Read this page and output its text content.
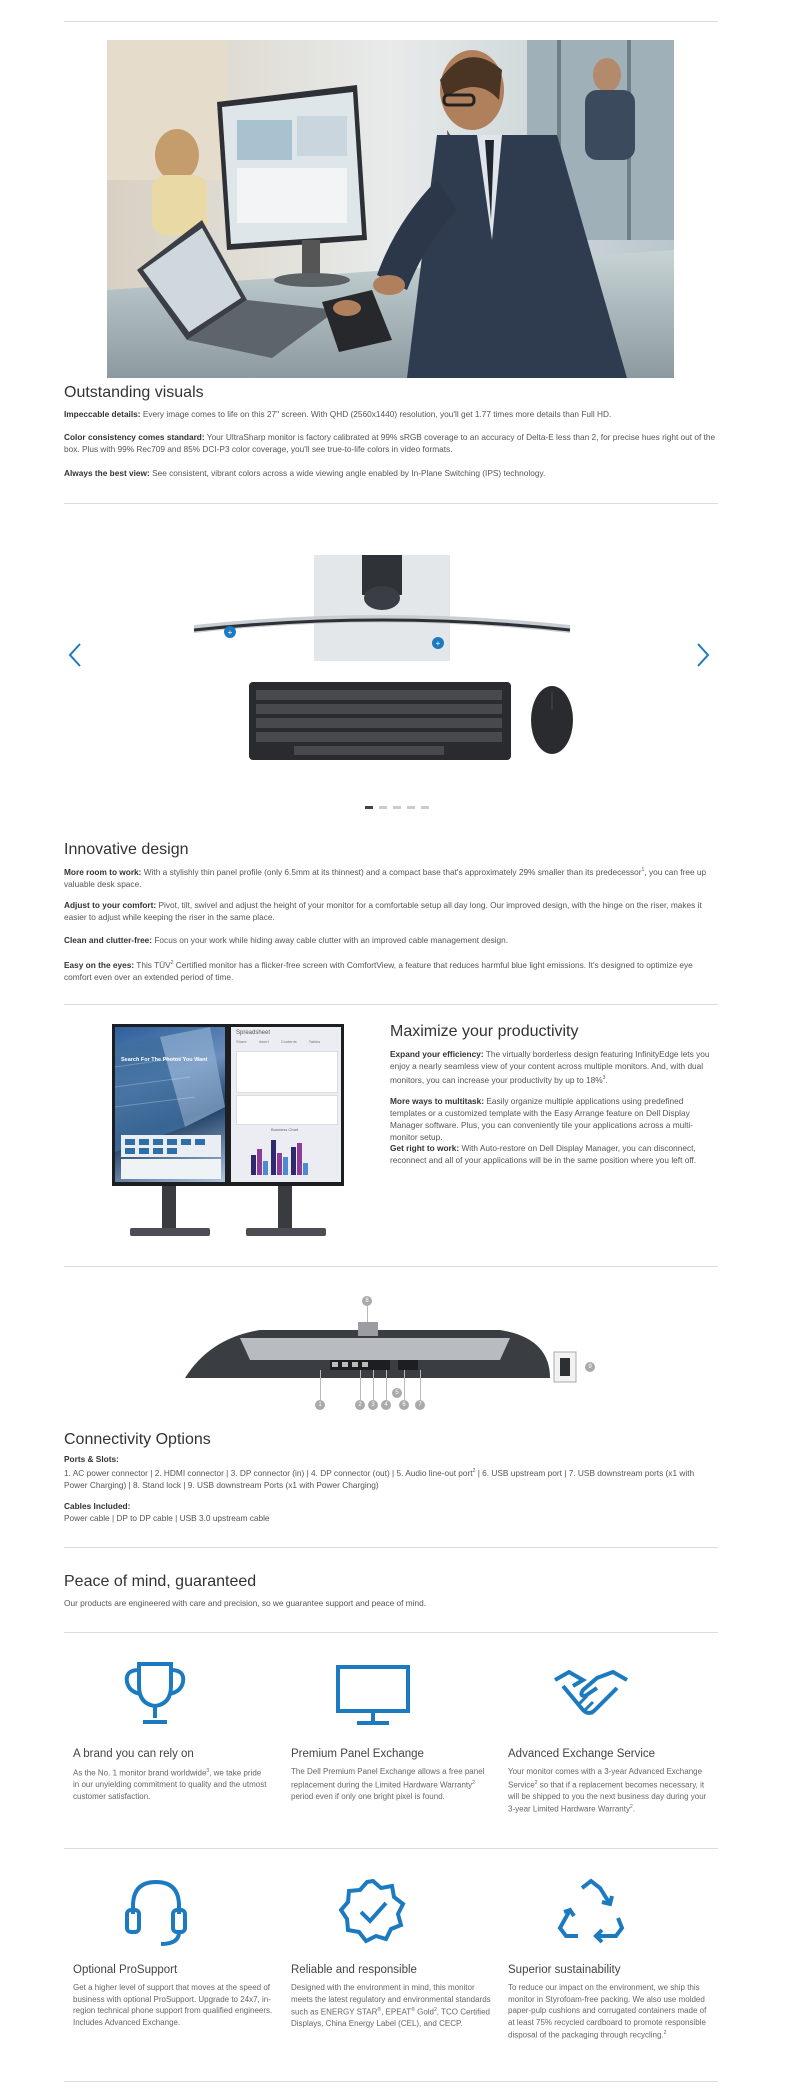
Outstanding visuals
Impeccable details: Every image comes to life on this 27" screen. With QHD (2560x1440) resolution, you'll get 1.77 times more details than Full HD.
Color consistency comes standard: Your UltraSharp monitor is factory calibrated at 99% sRGB coverage to an accuracy of Delta-E less than 2, for precise hues right out of the box. Plus with 99% Rec709 and 85% DCI-P3 color coverage, you'll see true-to-life colors in video formats.
Always the best view: See consistent, vibrant colors across a wide viewing angle enabled by In-Plane Switching (IPS) technology.
+
+
Innovative design
More room to work: With a stylishly thin panel profile (only 6.5mm at its thinnest) and a compact base that's approximately 29% smaller than its predecessor$^1$, you can free up valuable desk space.
Adjust to your comfort: Pivot, tilt, swivel and adjust the height of your monitor for a comfortable setup all day long. Our improved design, with the hinge on the riser, makes it easier to adjust while keeping the riser in the same place.
Clean and clutter-free: Focus on your work while hiding away cable clutter with an improved cable management design.
Easy on the eyes: This TÜV$^2$ Certified monitor has a flicker-free screen with ComfortView, a feature that reduces harmful blue light emissions. It's designed to optimize eye comfort even over an extended period of time.
Search For The Photos You Want
Spreadsheet
Share	Insert	Contents	Tables
Business Chart
Maximize your productivity
Expand your efficiency: The virtually borderless design featuring InfinityEdge lets you enjoy a nearly seamless view of your content across multiple monitors. And, with dual monitors, you can increase your productivity by up to 18%$^3$.
More ways to multitask: Easily organize multiple applications using predefined templates or a customized template with the Easy Arrange feature on Dell Display Manager software. Plus, you can conveniently tile your applications across a multi-monitor setup.
Get right to work: With Auto-restore on Dell Display Manager, you can disconnect, reconnect and all of your applications will be in the same position where you left off.
8
1	2	3	4
5
6	7
9
Connectivity Options
Ports & Slots:
1. AC power connector | 2. HDMI connector | 3. DP connector (in) | 4. DP connector (out) | 5. Audio line-out port$^2$ | 6. USB upstream port | 7. USB downstream ports (x1 with Power Charging) | 8. Stand lock | 9. USB downstream Ports (x1 with Power Charging)
Cables Included:
Power cable | DP to DP cable | USB 3.0 upstream cable
Peace of mind, guaranteed
Our products are engineered with care and precision, so we guarantee support and peace of mind.
A brand you can rely on
As the No. 1 monitor brand worldwide$^3$, we take pride in our unyielding commitment to quality and the utmost customer satisfaction.
Premium Panel Exchange
The Dell Premium Panel Exchange allows a free panel replacement during the Limited Hardware Warranty$^2$ period even if only one bright pixel is found.
Advanced Exchange Service
Your monitor comes with a 3-year Advanced Exchange Service$^2$ so that if a replacement becomes necessary, it will be shipped to you the next business day during your 3-year Limited Hardware Warranty$^2$.
Optional ProSupport
Get a higher level of support that moves at the speed of business with optional ProSupport. Upgrade to 24x7, in-region technical phone support from qualified engineers. Includes Advanced Exchange.
Reliable and responsible
Designed with the environment in mind, this monitor meets the latest regulatory and environmental standards such as ENERGY STAR®, EPEAT® Gold$^2$, TCO Certified Displays, China Energy Label (CEL), and CECP.
Superior sustainability
To reduce our impact on the environment, we ship this monitor in Styrofoam-free packing. We also use molded paper-pulp cushions and corrugated containers made of at least 75% recycled cardboard to promote responsible disposal of the packaging through recycling.$^2$
